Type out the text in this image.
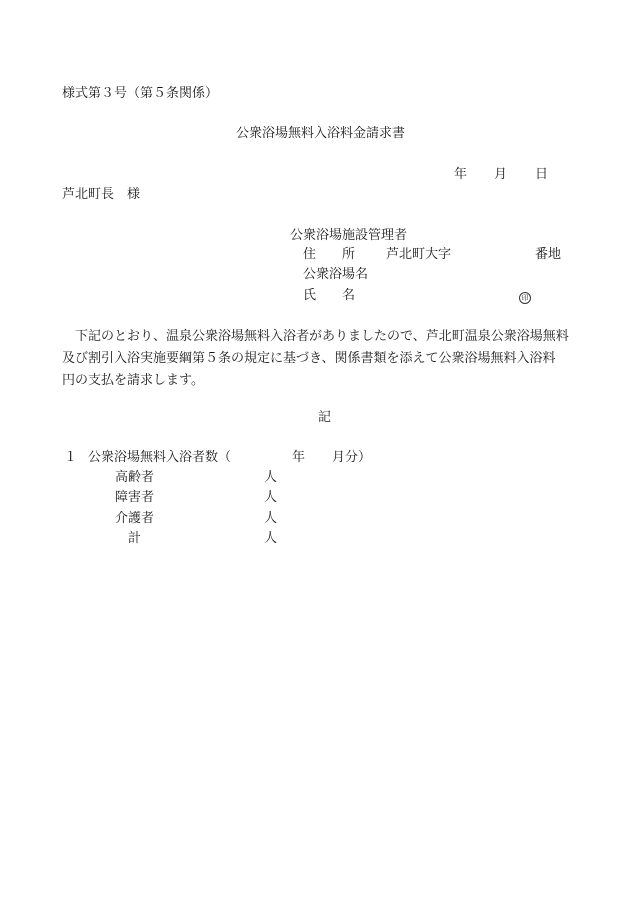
様式第３号（第５条関係）
公衆浴場無料入浴料金請求書
年 月 日
芦北町長　様
公衆浴場施設管理者
住　　所 芦北町大字	番地
公衆浴場名
氏　　名	印
　下記のとおり、温泉公衆浴場無料入浴者がありましたので、芦北町温泉公衆浴場無料
及び割引入浴実施要綱第５条の規定に基づき、関係書類を添えて公衆浴場無料入浴料
円の支払を請求します。
記
１ 公衆浴場無料入浴者数（	年 月分）
高齢者	人
障害者	人
介護者	人
計	人
